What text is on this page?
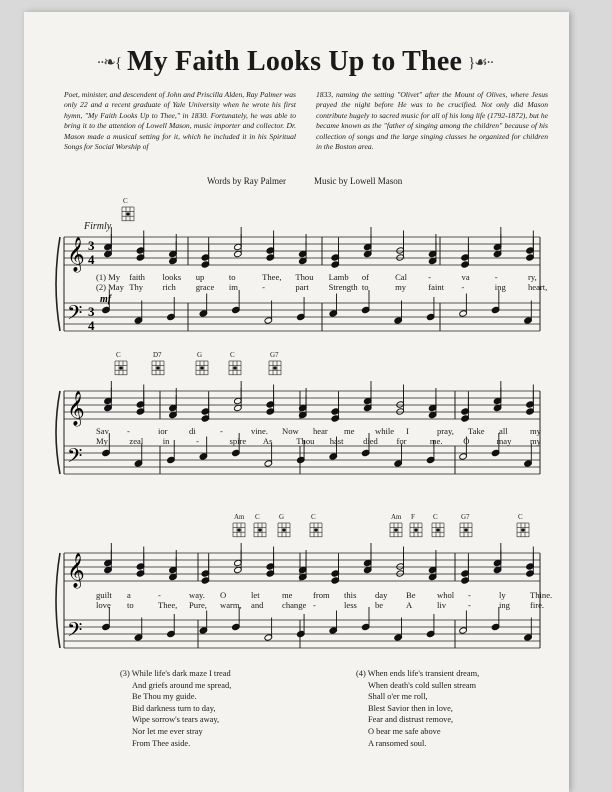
·∙❧{ My Faith Looks Up to Thee }☙∙·
Poet, minister, and descendent of John and Priscilla Alden, Ray Palmer was only 22 and a recent graduate of Yale University when he wrote his first hymn, "My Faith Looks Up to Thee," in 1830. Fortunately, he was able to bring it to the attention of Lowell Mason, music importer and collector. Dr. Mason made a musical setting for it, which he included it in his Spiritual Songs for Social Worship of
1833, naming the setting "Olivet" after the Mount of Olives, where Jesus prayed the night before He was to be crucified. Not only did Mason contribute hugely to sacred music for all of his long life (1792-1872), but he became known as the "father of singing among the children" because of his collection of songs and the large singing classes he organized for children in the Boston area.
Words by Ray Palmer	Music by Lowell Mason
Firmly
𝄞
𝄢
3
4
3
4
𝄞
𝄢
𝄞
𝄢
mf
(1) My faith looks up	to	Thee, Thou Lamb of	Cal -	va	-	ry,
(2) May Thy rich grace im	-	part Strength to	my	faint -	ing	heart,
Sav -	ior di	-	vine. Now hear me while I	pray, Take all	my
My zeal in	-	spire As	Thou hast died for	me. O	may my
guilt a	-	way. O	let	me from this day Be whol -	ly	Thine.
love to	Thee, Pure, warm, and change -	less be	A	liv	-	ing fire.
C
C	D7	G	C	G7
Am C	G	C	Am F	C	G7	C
(3) While life's dark maze I tread
And griefs around me spread,
Be Thou my guide.
Bid darkness turn to day,
Wipe sorrow's tears away,
Nor let me ever stray
From Thee aside.
(4) When ends life's transient dream,
When death's cold sullen stream
Shall o'er me roll,
Blest Savior then in love,
Fear and distrust remove,
O bear me safe above
A ransomed soul.
